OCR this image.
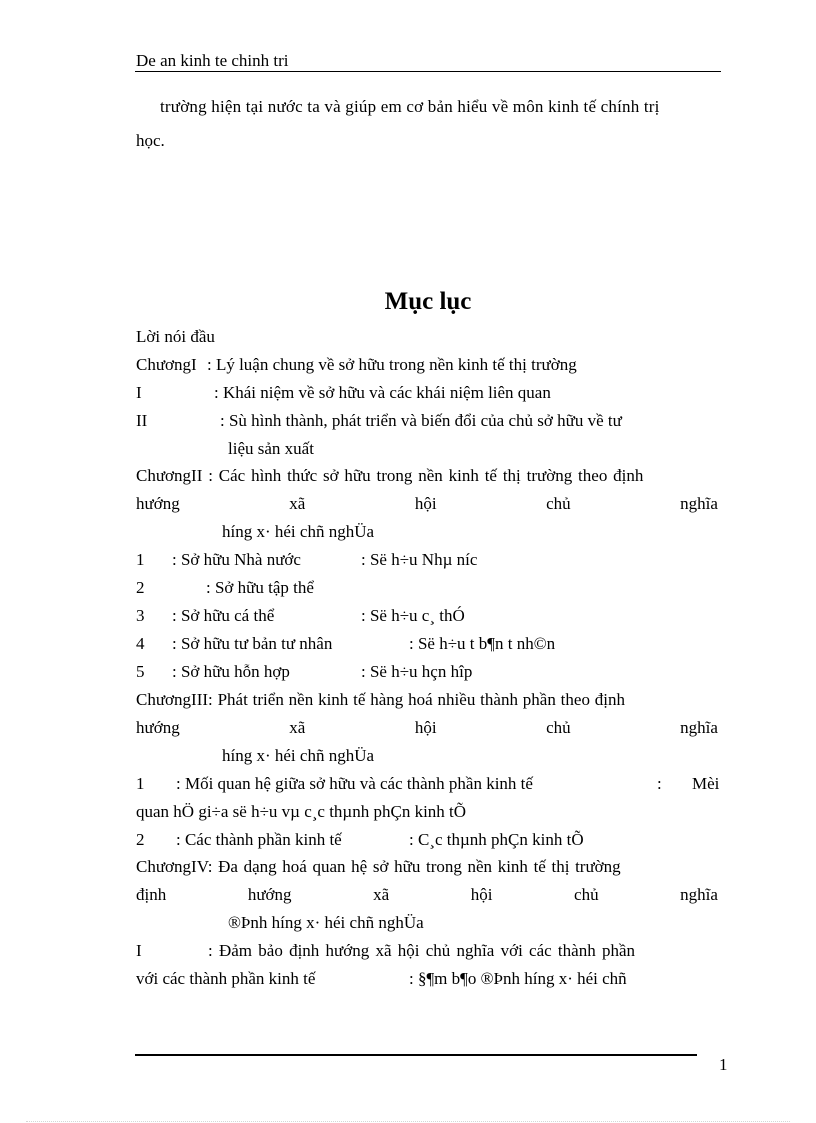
De an kinh te chinh tri
trường hiện tại nước ta và giúp em cơ bản hiểu về môn kinh tế chính trị
học.
Mục lục
Lời nói đầu
ChươngI : Lý luận chung về sở hữu trong nền kinh tế thị trường
I	: Khái niệm về sở hữu và các khái niệm liên quan
II	: Sù hình thành, phát triển và biến đổi của chủ sở hữu về tư
liệu sản xuất
ChươngII : Các hình thức sở hữu trong nền kinh tế thị trường theo định
hướng	xã	hội	chủ	nghĩa
híng x· héi chñ nghÜa
1 : Sở hữu Nhà nước	: Së h÷u Nhµ níc
2	: Sở hữu tập thể
3 : Sở hữu cá thể	: Së h÷u c¸ thÓ
4 : Sở hữu tư bản tư nhân	: Së h÷u t b¶n t nh©n
5 : Sở hữu hỗn hợp	: Së h÷u hçn hîp
ChươngIII: Phát triển nền kinh tế hàng hoá nhiều thành phần theo định
hướng	xã	hội	chủ	nghĩa
híng x· héi chñ nghÜa
1 : Mối quan hệ giữa sở hữu và các thành phần kinh tế	: Mèi
quan hÖ gi÷a së h÷u vµ c¸c thµnh phÇn kinh tÕ
2 : Các thành phần kinh tế	: C¸c thµnh phÇn kinh tÕ
ChươngIV: Đa dạng hoá quan hệ sở hữu trong nền kinh tế thị trường
định	hướng	xã	hội	chủ	nghĩa
®Þnh híng x· héi chñ nghÜa
I	: Đảm bảo định hướng xã hội chủ nghĩa với các thành phần
với các thành phần kinh tế	: §¶m b¶o ®Þnh híng x· héi chñ
1
